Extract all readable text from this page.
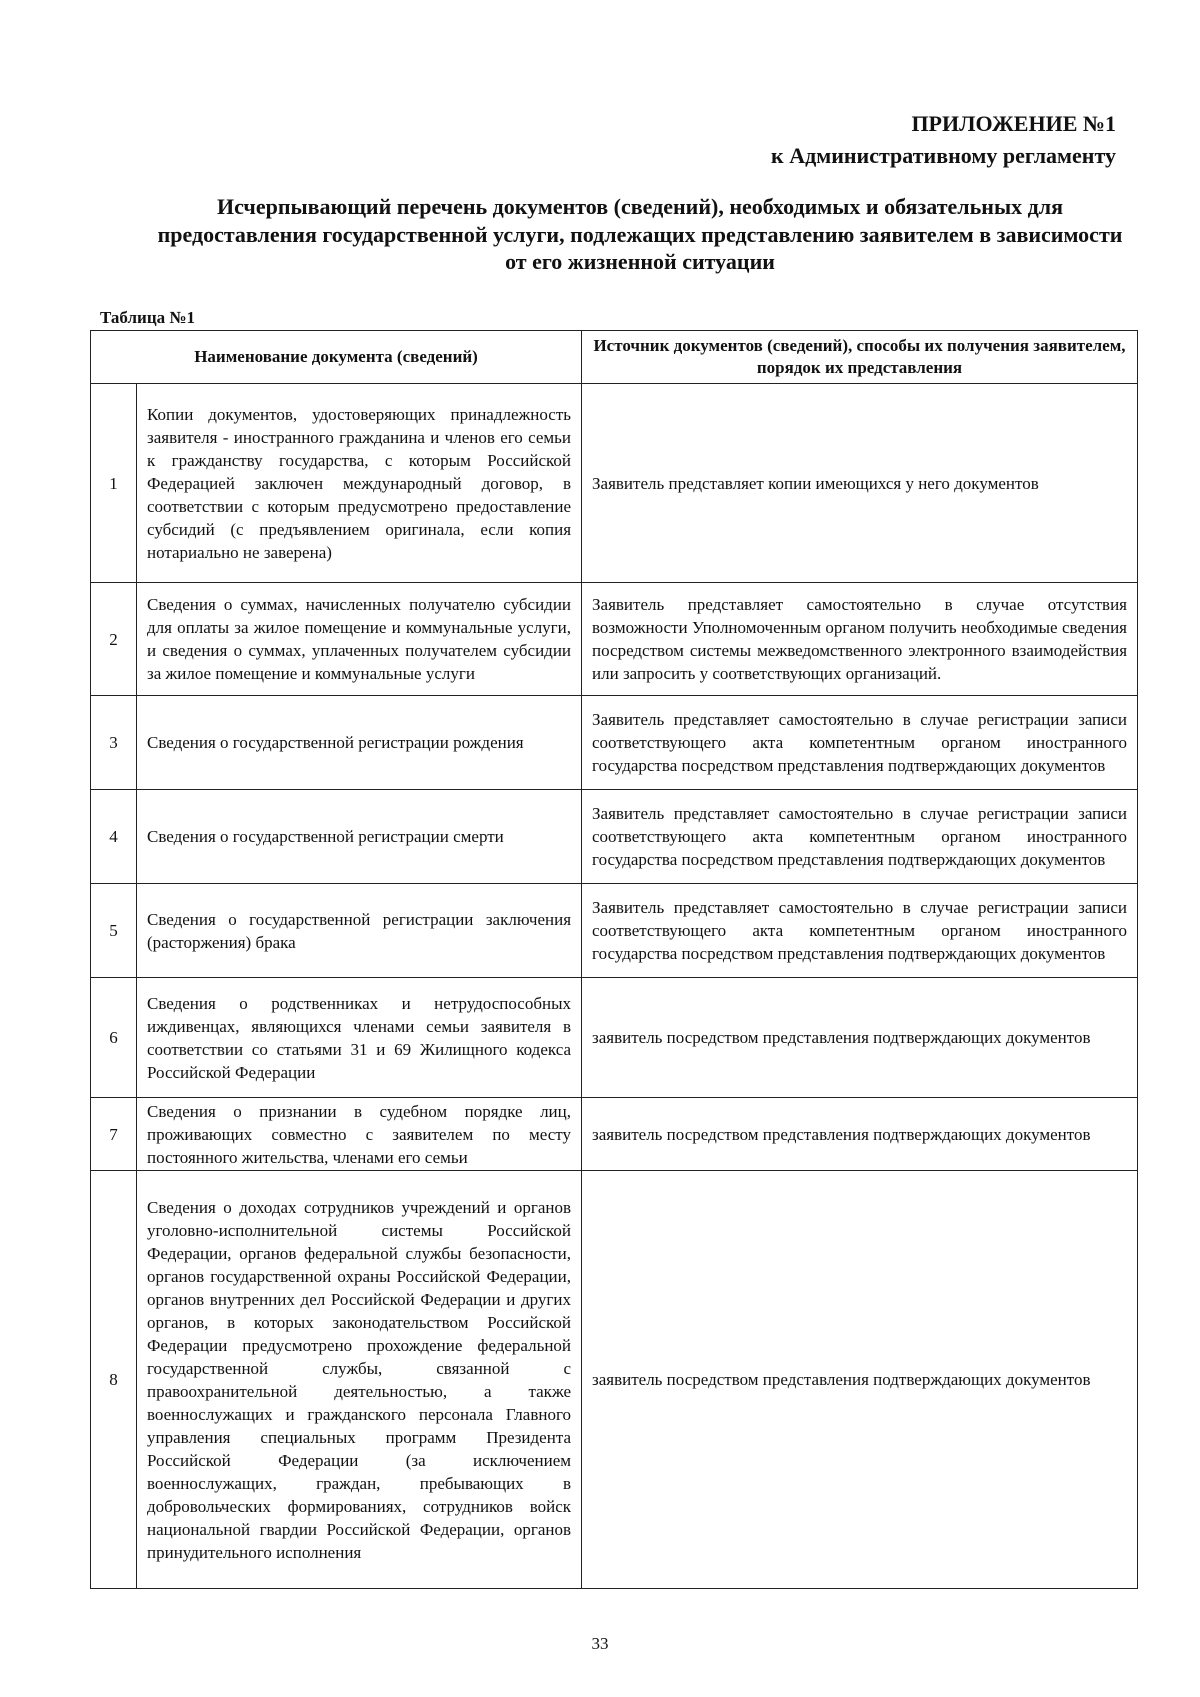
ПРИЛОЖЕНИЕ №1
к Административному регламенту
Исчерпывающий перечень документов (сведений), необходимых и обязательных для предоставления государственной услуги, подлежащих представлению заявителем в зависимости от его жизненной ситуации
Таблица №1
Наименование документа (сведений)		Источник документов (сведений), способы их получения заявителем, порядок их представления
1	Копии документов, удостоверяющих принадлежность заявителя - иностранного гражданина и членов его семьи к гражданству государства, с которым Российской Федерацией заключен международный договор, в соответствии с которым предусмотрено предоставление субсидий (с предъявлением оригинала, если копия нотариально не заверена)	Заявитель представляет копии имеющихся у него документов
2	Сведения о суммах, начисленных получателю субсидии для оплаты за жилое помещение и коммунальные услуги, и сведения о суммах, уплаченных получателем субсидии за жилое помещение и коммунальные услуги	Заявитель представляет самостоятельно в случае отсутствия возможности Уполномоченным органом получить необходимые сведения посредством системы межведомственного электронного взаимодействия или запросить у соответствующих организаций.
3	Сведения о государственной регистрации рождения	Заявитель представляет самостоятельно в случае регистрации записи соответствующего акта компетентным органом иностранного государства посредством представления подтверждающих документов
4	Сведения о государственной регистрации смерти	Заявитель представляет самостоятельно в случае регистрации записи соответствующего акта компетентным органом иностранного государства посредством представления подтверждающих документов
5	Сведения о государственной регистрации заключения (расторжения) брака	Заявитель представляет самостоятельно в случае регистрации записи соответствующего акта компетентным органом иностранного государства посредством представления подтверждающих документов
6	Сведения о родственниках и нетрудоспособных иждивенцах, являющихся членами семьи заявителя в соответствии со статьями 31 и 69 Жилищного кодекса Российской Федерации	заявитель посредством представления подтверждающих документов
7	Сведения о признании в судебном порядке лиц, проживающих совместно с заявителем по месту постоянного жительства, членами его семьи	заявитель посредством представления подтверждающих документов
8	Сведения о доходах сотрудников учреждений и органов уголовно-исполнительной системы Российской Федерации, органов федеральной службы безопасности, органов государственной охраны Российской Федерации, органов внутренних дел Российской Федерации и других органов, в которых законодательством Российской Федерации предусмотрено прохождение федеральной государственной службы, связанной с правоохранительной деятельностью, а также военнослужащих и гражданского персонала Главного управления специальных программ Президента Российской Федерации (за исключением военнослужащих, граждан, пребывающих в добровольческих формированиях, сотрудников войск национальной гвардии Российской Федерации, органов принудительного исполнения	заявитель посредством представления подтверждающих документов
33
